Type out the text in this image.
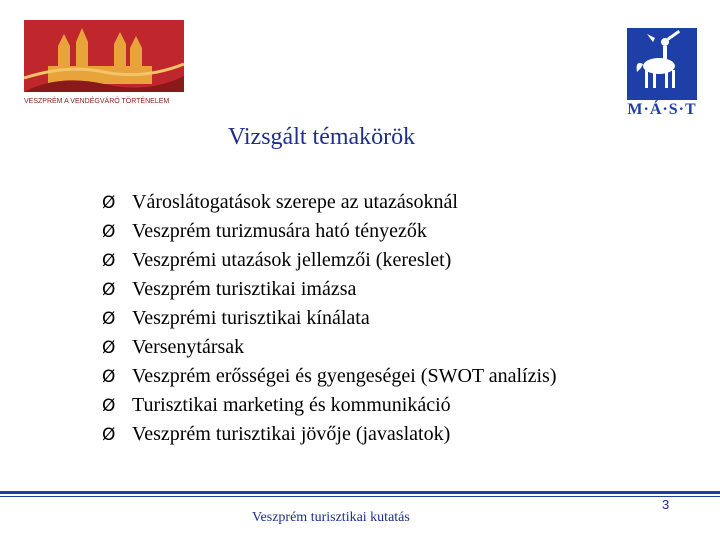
VESZPRÉM A VENDÉGVÁRÓ TÖRTÉNELEM	M·Á·S·T
Vizsgált témakörök
Ø Városlátogatások szerepe az utazásoknál
Ø Veszprém turizmusára ható tényezők
Ø Veszprémi utazások jellemzői (kereslet)
Ø Veszprém turisztikai imázsa
Ø Veszprémi turisztikai kínálata
Ø Versenytársak
Ø Veszprém erősségei és gyengeségei (SWOT analízis)
Ø Turisztikai marketing és kommunikáció
Ø Veszprém turisztikai jövője (javaslatok)
Veszprém turisztikai kutatás
3
